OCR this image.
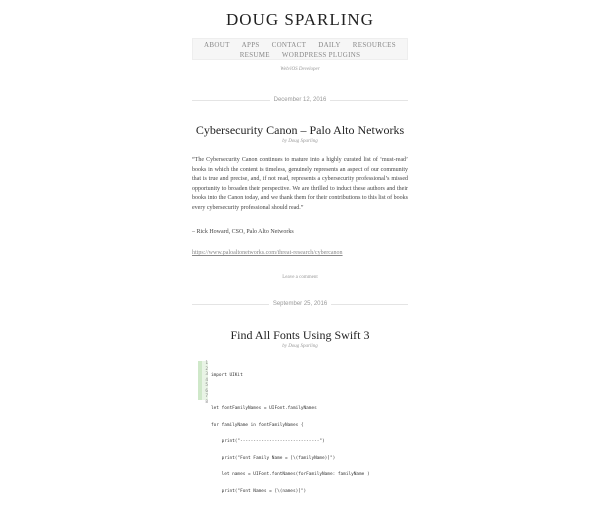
DOUG SPARLING
ABOUT APPS CONTACT DAILY RESOURCES
RESUME WORDPRESS PLUGINS
Web/iOS Developer
December 12, 2016
Cybersecurity Canon – Palo Alto Networks
by Doug Sparling

“The Cybersecurity Canon continues to mature into a highly curated list of ‘must-read’ books in which the content is timeless, genuinely represents an aspect of our community that is true and precise, and, if not read, represents a cybersecurity professional’s missed opportunity to broaden their perspective. We are thrilled to induct these authors and their books into the Canon today, and we thank them for their contributions to this list of books every cybersecurity professional should read.”

– Rick Howard, CSO, Palo Alto Networks
https://www.paloaltonetworks.com/threat-research/cybercanon
Leave a comment
September 25, 2016
Find All Fonts Using Swift 3
by Doug Sparling
1
2
3
4
5
6
7
8

import UIKit

let fontFamilyNames = UIFont.familyNames

for familyName in fontFamilyNames {

print("------------------------------")

print("Font Family Name = [\(familyName)]")

let names = UIFont.fontNames(forFamilyName: familyName )

print("Font Names = [\(names)]")
